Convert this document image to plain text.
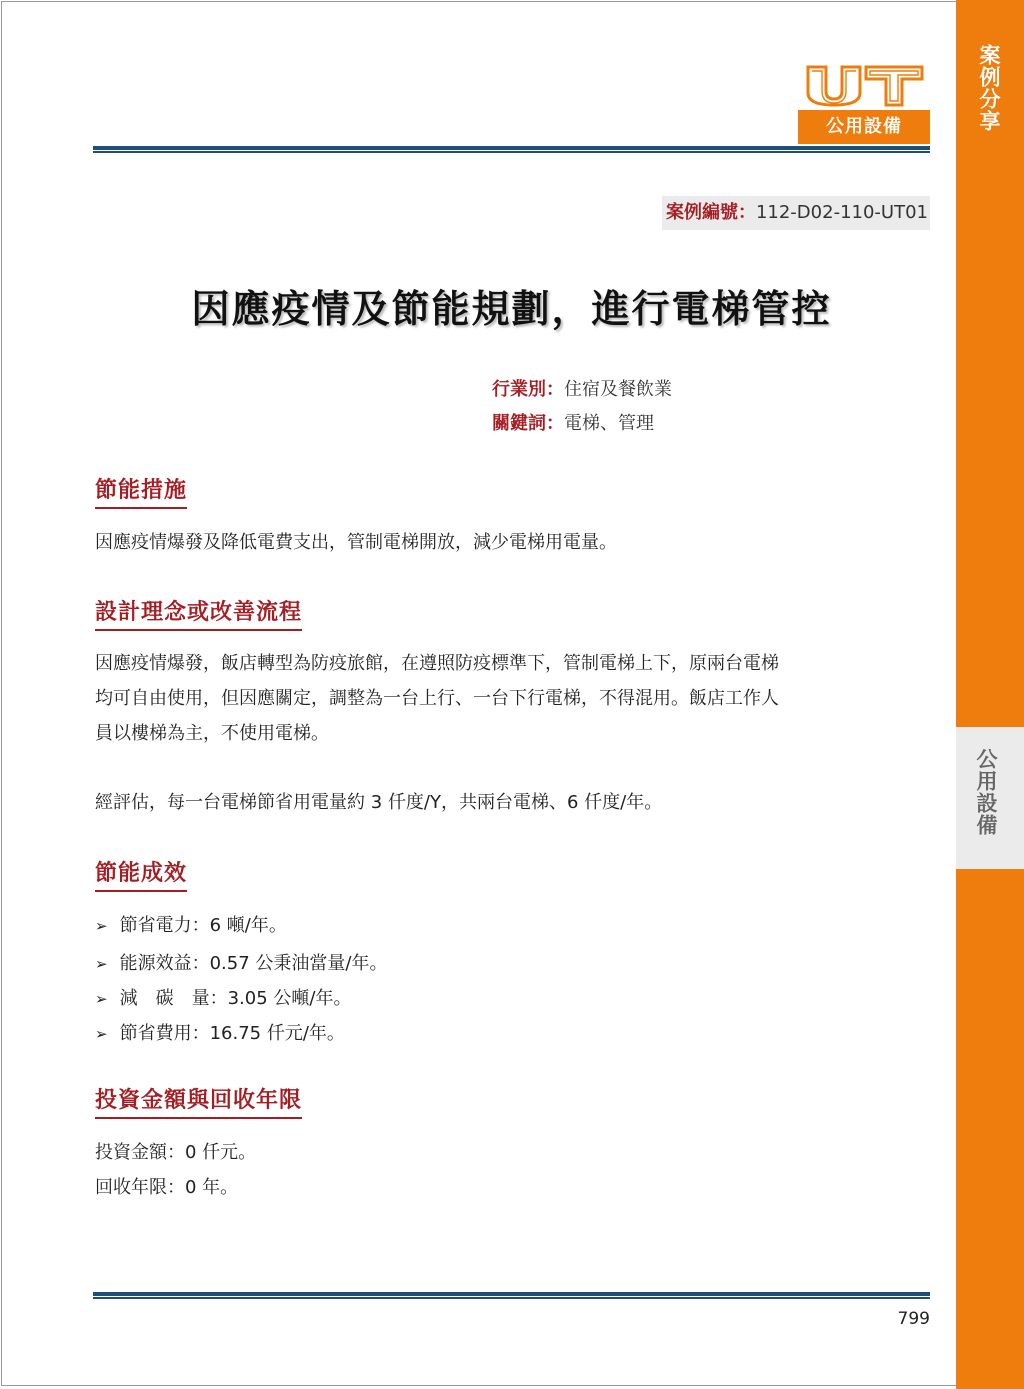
案例分享
公用設備
公用設備
案例編號：112-D02-110-UT01
因應疫情及節能規劃，進行電梯管控
行業別：住宿及餐飲業
關鍵詞：電梯、管理
節能措施
因應疫情爆發及降低電費支出，管制電梯開放，減少電梯用電量。
設計理念或改善流程
因應疫情爆發，飯店轉型為防疫旅館，在遵照防疫標準下，管制電梯上下，原兩台電梯
均可自由使用，但因應關定，調整為一台上行、一台下行電梯，不得混用。飯店工作人
員以樓梯為主，不使用電梯。
經評估，每一台電梯節省用電量約 3 仟度/Y，共兩台電梯、6 仟度/年。
節能成效
➢ 節省電力：6 噸/年。
➢ 能源效益：0.57 公秉油當量/年。
➢ 減　碳　量：3.05 公噸/年。
➢ 節省費用：16.75 仟元/年。
投資金額與回收年限
投資金額：0 仟元。
回收年限：0 年。
799
